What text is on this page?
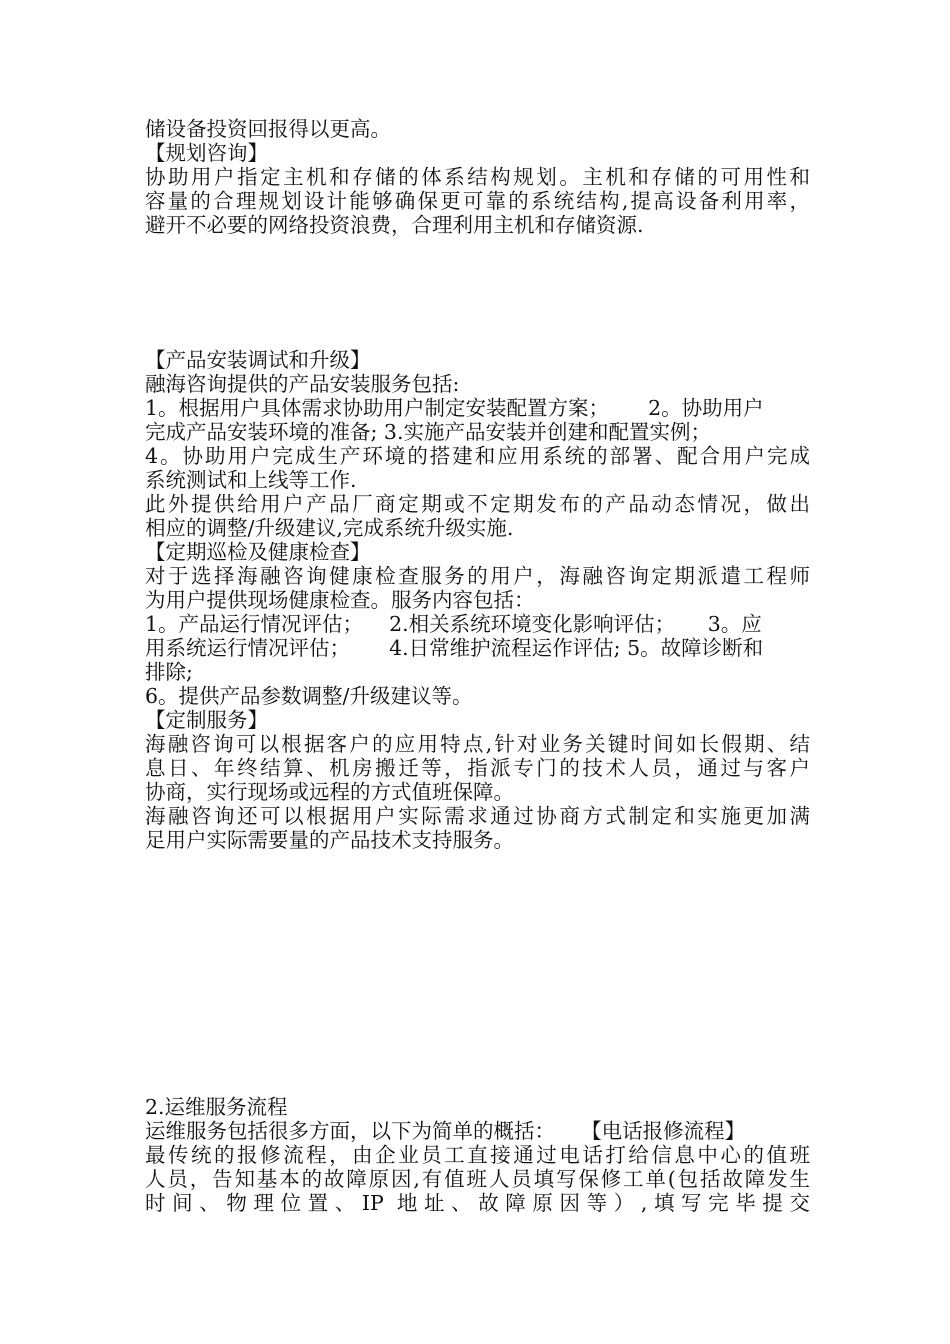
储设备投资回报得以更高。

【规划咨询】

协助用户指定主机和存储的体系结构规划。主机和存储的可用性和

容量的合理规划设计能够确保更可靠的系统结构,提高设备利用率，

避开不必要的网络投资浪费，合理利用主机和存储资源.

【产品安装调试和升级】

融海咨询提供的产品安装服务包括:

1。根据用户具体需求协助用户制定安装配置方案；      2。协助用户

完成产品安装环境的准备; 3.实施产品安装并创建和配置实例；

4。协助用户完成生产环境的搭建和应用系统的部署、配合用户完成

系统测试和上线等工作.

此外提供给用户产品厂商定期或不定期发布的产品动态情况，做出

相应的调整/升级建议,完成系统升级实施.

【定期巡检及健康检查】

对于选择海融咨询健康检查服务的用户，海融咨询定期派遣工程师

为用户提供现场健康检查。服务内容包括：

1。产品运行情况评估；    2.相关系统环境变化影响评估；     3。应

用系统运行情况评估；      4.日常维护流程运作评估; 5。故障诊断和

排除;

6。提供产品参数调整/升级建议等。

【定制服务】

海融咨询可以根据客户的应用特点,针对业务关键时间如长假期、结

息日、年终结算、机房搬迁等，指派专门的技术人员，通过与客户

协商，实行现场或远程的方式值班保障。

海融咨询还可以根据用户实际需求通过协商方式制定和实施更加满

足用户实际需要量的产品技术支持服务。

2.运维服务流程

运维服务包括很多方面，以下为简单的概括：    【电话报修流程】

最传统的报修流程，由企业员工直接通过电话打给信息中心的值班

人员，告知基本的故障原因,有值班人员填写保修工单(包括故障发生

时间、物理位置、IP 地址、故障原因等）,填写完毕提交
